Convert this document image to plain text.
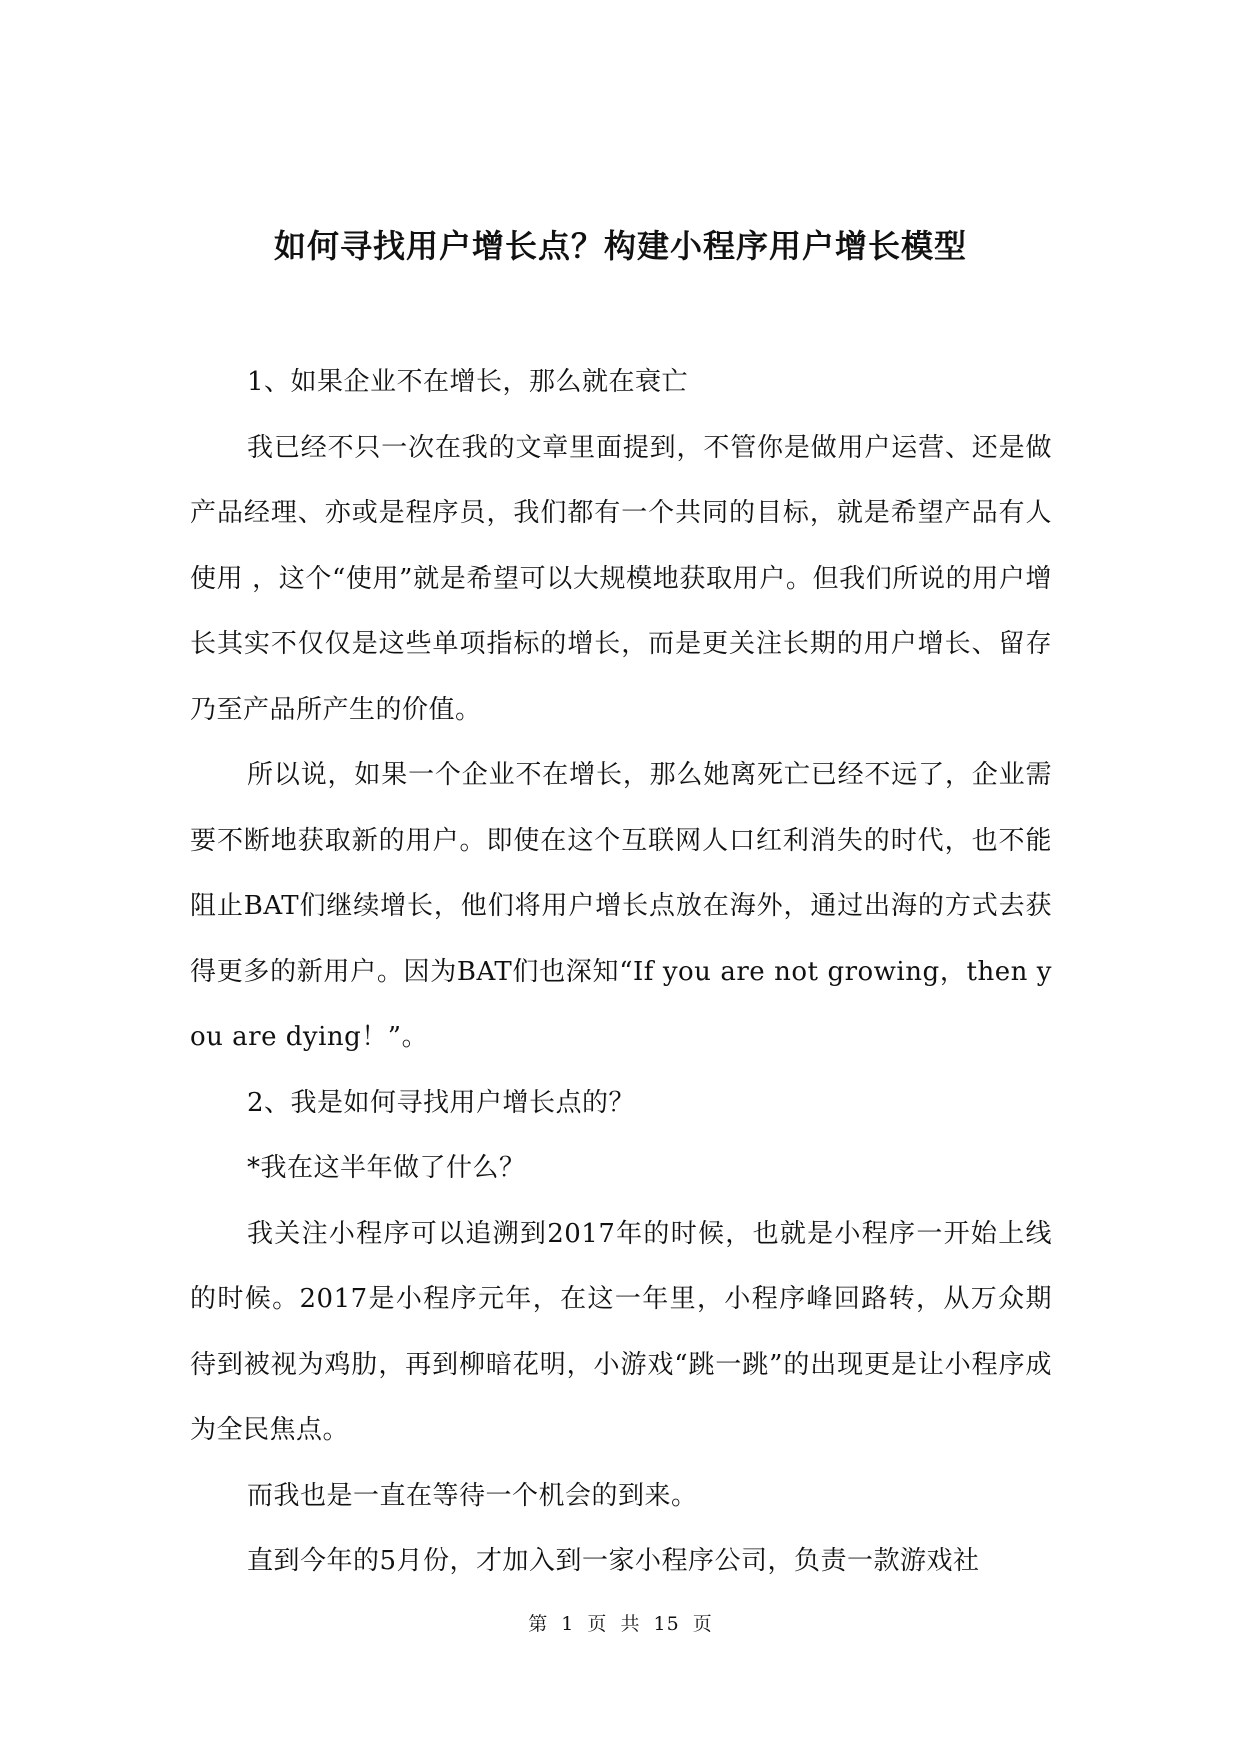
如何寻找用户增长点？构建小程序用户增长模型

1、如果企业不在增长，那么就在衰亡

我已经不只一次在我的文章里面提到，不管你是做用户运营、还是做产品经理、亦或是程序员，我们都有一个共同的目标，就是希望产品有人使用 ，这个“使用”就是希望可以大规模地获取用户。但我们所说的用户增长其实不仅仅是这些单项指标的增长，而是更关注长期的用户增长、留存乃至产品所产生的价值。

所以说，如果一个企业不在增长，那么她离死亡已经不远了，企业需要不断地获取新的用户。即使在这个互联网人口红利消失的时代，也不能阻止BAT们继续增长，他们将用户增长点放在海外，通过出海的方式去获得更多的新用户。因为BAT们也深知“If you are not growing，then you are dying！”。

2、我是如何寻找用户增长点的？

*我在这半年做了什么？

我关注小程序可以追溯到2017年的时候，也就是小程序一开始上线的时候。2017是小程序元年，在这一年里，小程序峰回路转，从万众期待到被视为鸡肋，再到柳暗花明，小游戏“跳一跳”的出现更是让小程序成为全民焦点。

而我也是一直在等待一个机会的到来。

直到今年的5月份，才加入到一家小程序公司，负责一款游戏社

第 1 页 共 15 页
